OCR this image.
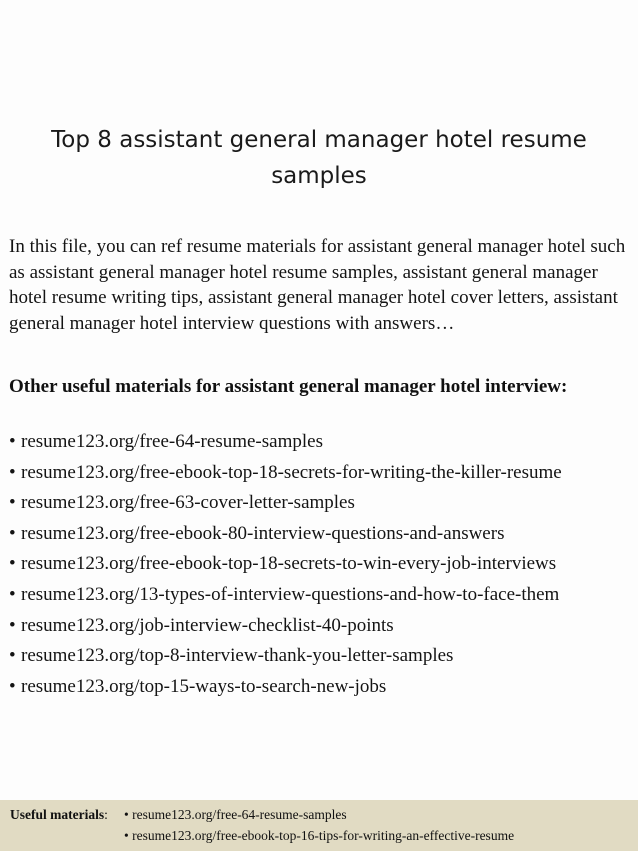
Top 8 assistant general manager hotel resume
samples
In this file, you can ref resume materials for assistant general manager hotel such as assistant general manager hotel resume samples, assistant general manager hotel resume writing tips, assistant general manager hotel cover letters, assistant general manager hotel interview questions with answers…
Other useful materials for assistant general manager hotel interview:
• resume123.org/free-64-resume-samples
• resume123.org/free-ebook-top-18-secrets-for-writing-the-killer-resume
• resume123.org/free-63-cover-letter-samples
• resume123.org/free-ebook-80-interview-questions-and-answers
• resume123.org/free-ebook-top-18-secrets-to-win-every-job-interviews
• resume123.org/13-types-of-interview-questions-and-how-to-face-them
• resume123.org/job-interview-checklist-40-points
• resume123.org/top-8-interview-thank-you-letter-samples
• resume123.org/top-15-ways-to-search-new-jobs
Useful materials: • resume123.org/free-64-resume-samples
• resume123.org/free-ebook-top-16-tips-for-writing-an-effective-resume
